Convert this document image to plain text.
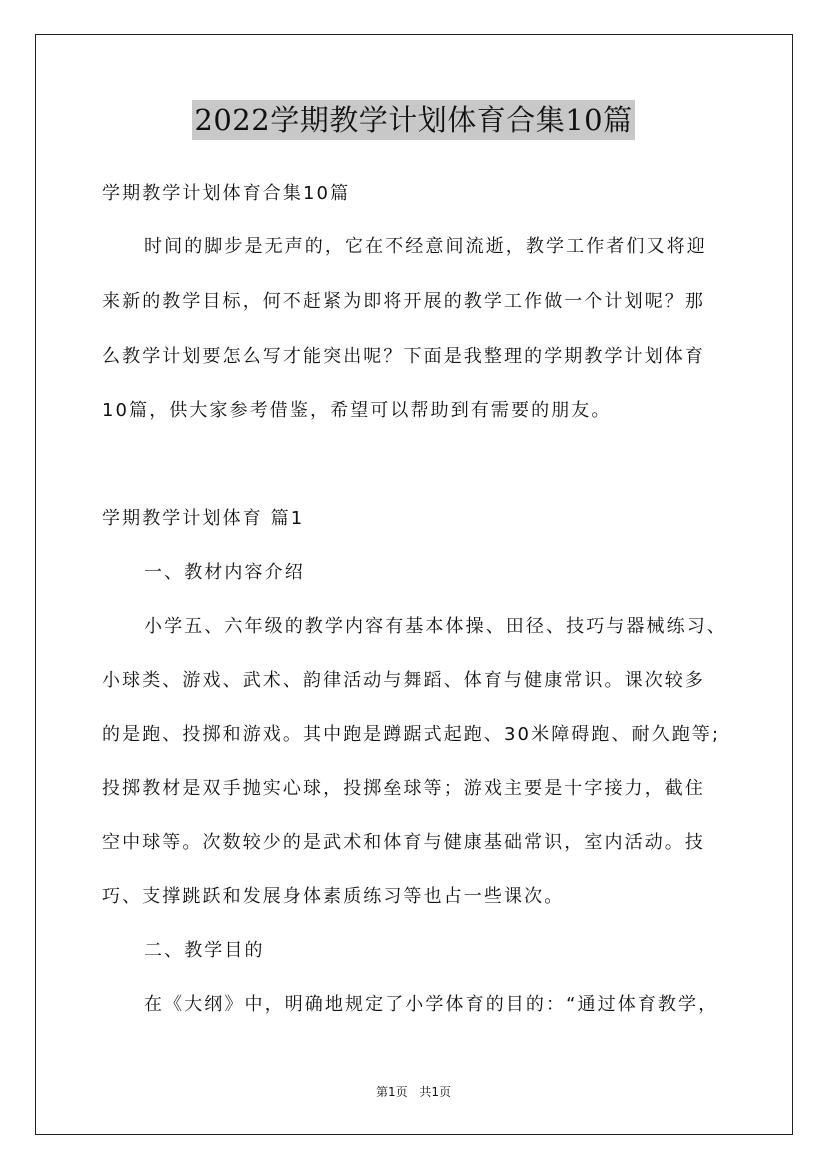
2022学期教学计划体育合集10篇
学期教学计划体育合集10篇
时间的脚步是无声的，它在不经意间流逝，教学工作者们又将迎
来新的教学目标，何不赶紧为即将开展的教学工作做一个计划呢？那
么教学计划要怎么写才能突出呢？下面是我整理的学期教学计划体育
10篇，供大家参考借鉴，希望可以帮助到有需要的朋友。
学期教学计划体育 篇1
一、教材内容介绍
小学五、六年级的教学内容有基本体操、田径、技巧与器械练习、
小球类、游戏、武术、韵律活动与舞蹈、体育与健康常识。课次较多
的是跑、投掷和游戏。其中跑是蹲踞式起跑、30米障碍跑、耐久跑等;
投掷教材是双手抛实心球，投掷垒球等；游戏主要是十字接力，截住
空中球等。次数较少的是武术和体育与健康基础常识，室内活动。技
巧、支撑跳跃和发展身体素质练习等也占一些课次。
二、教学目的
在《大纲》中，明确地规定了小学体育的目的：“通过体育教学，
第1页 共1页
